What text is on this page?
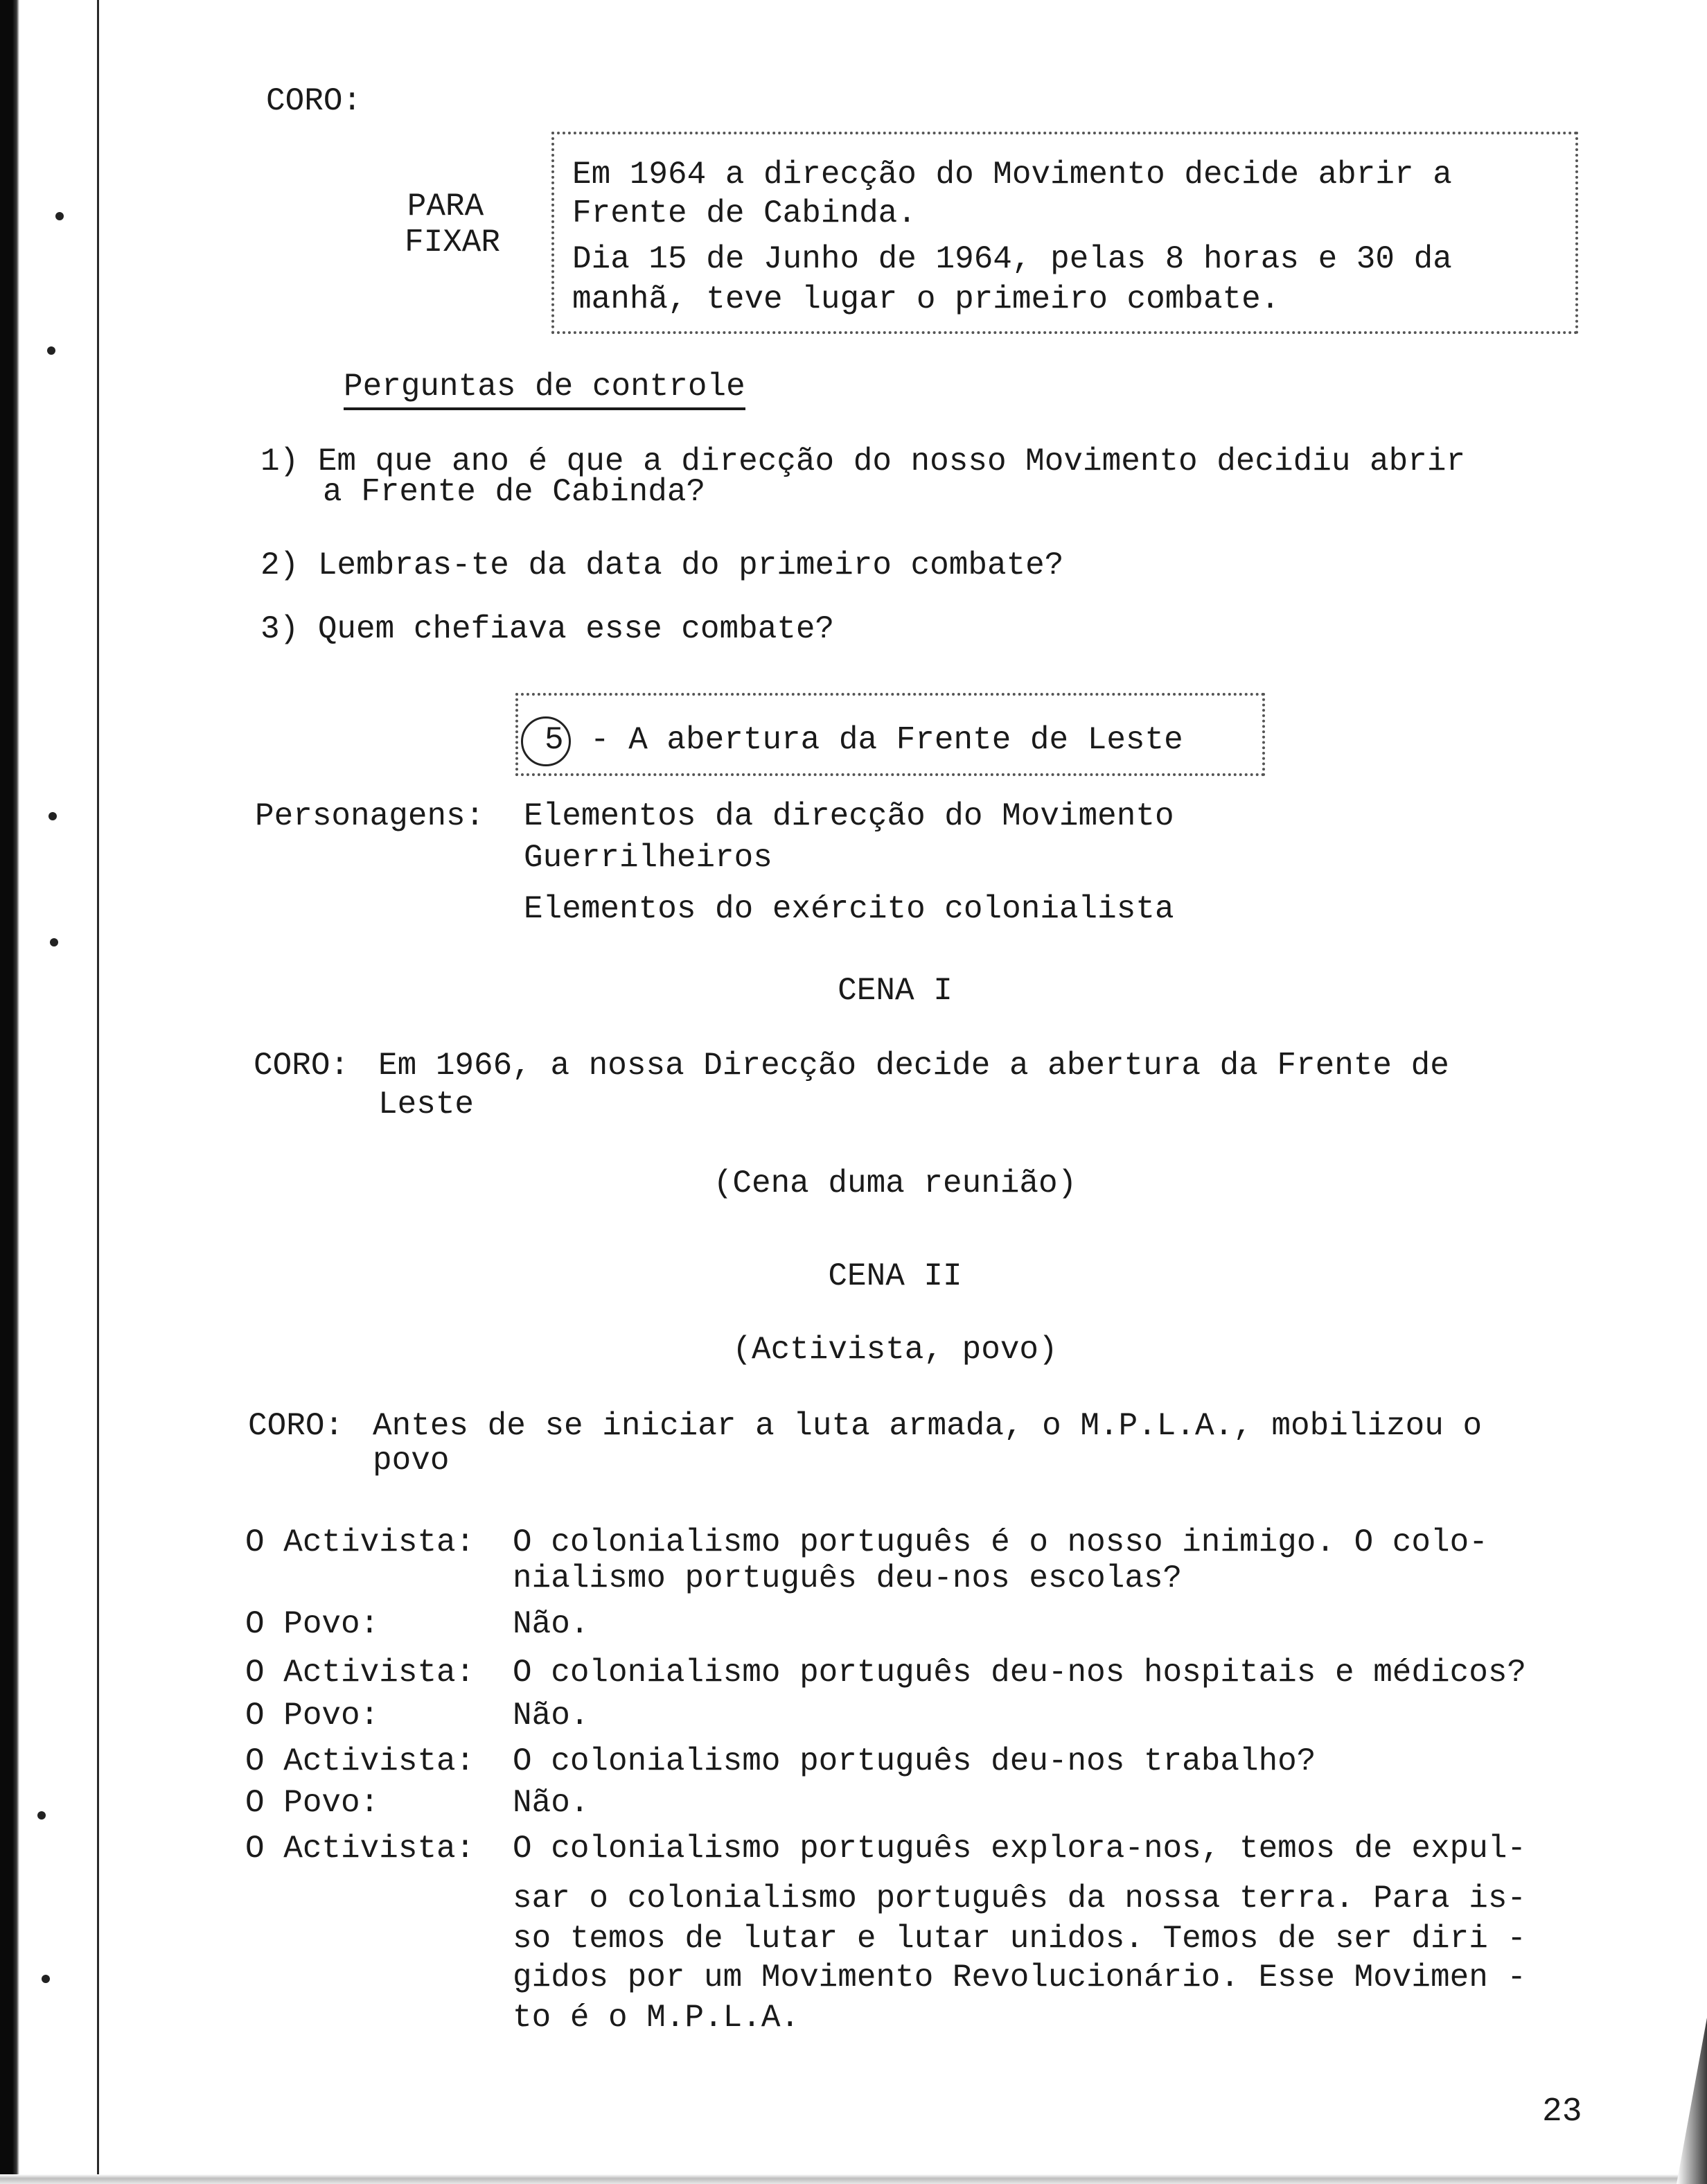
CORO:
PARA
FIXAR
Em 1964 a direcção do Movimento decide abrir a
Frente de Cabinda.
Dia 15 de Junho de 1964, pelas 8 horas e 30 da
manhã, teve lugar o primeiro combate.
Perguntas de controle
1) Em que ano é que a direcção do nosso Movimento decidiu abrir
a Frente de Cabinda?
2) Lembras-te da data do primeiro combate?
3) Quem chefiava esse combate?
5 - A abertura da Frente de Leste
Personagens: Elementos da direcção do Movimento
Guerrilheiros
Elementos do exército colonialista
CENA I
CORO: Em 1966, a nossa Direcção decide a abertura da Frente de
Leste
(Cena duma reunião)
CENA II
(Activista, povo)
CORO: Antes de se iniciar a luta armada, o M.P.L.A., mobilizou o
povo
O Activista: O colonialismo português é o nosso inimigo. O colo-
nialismo português deu-nos escolas?
O Povo:	Não.
O Activista: O colonialismo português deu-nos hospitais e médicos?
O Povo:	Não.
O Activista: O colonialismo português deu-nos trabalho?
O Povo:	Não.
O Activista: O colonialismo português explora-nos, temos de expul-
sar o colonialismo português da nossa terra. Para is-
so temos de lutar e lutar unidos. Temos de ser diri -
gidos por um Movimento Revolucionário. Esse Movimen -
to é o M.P.L.A.
23
